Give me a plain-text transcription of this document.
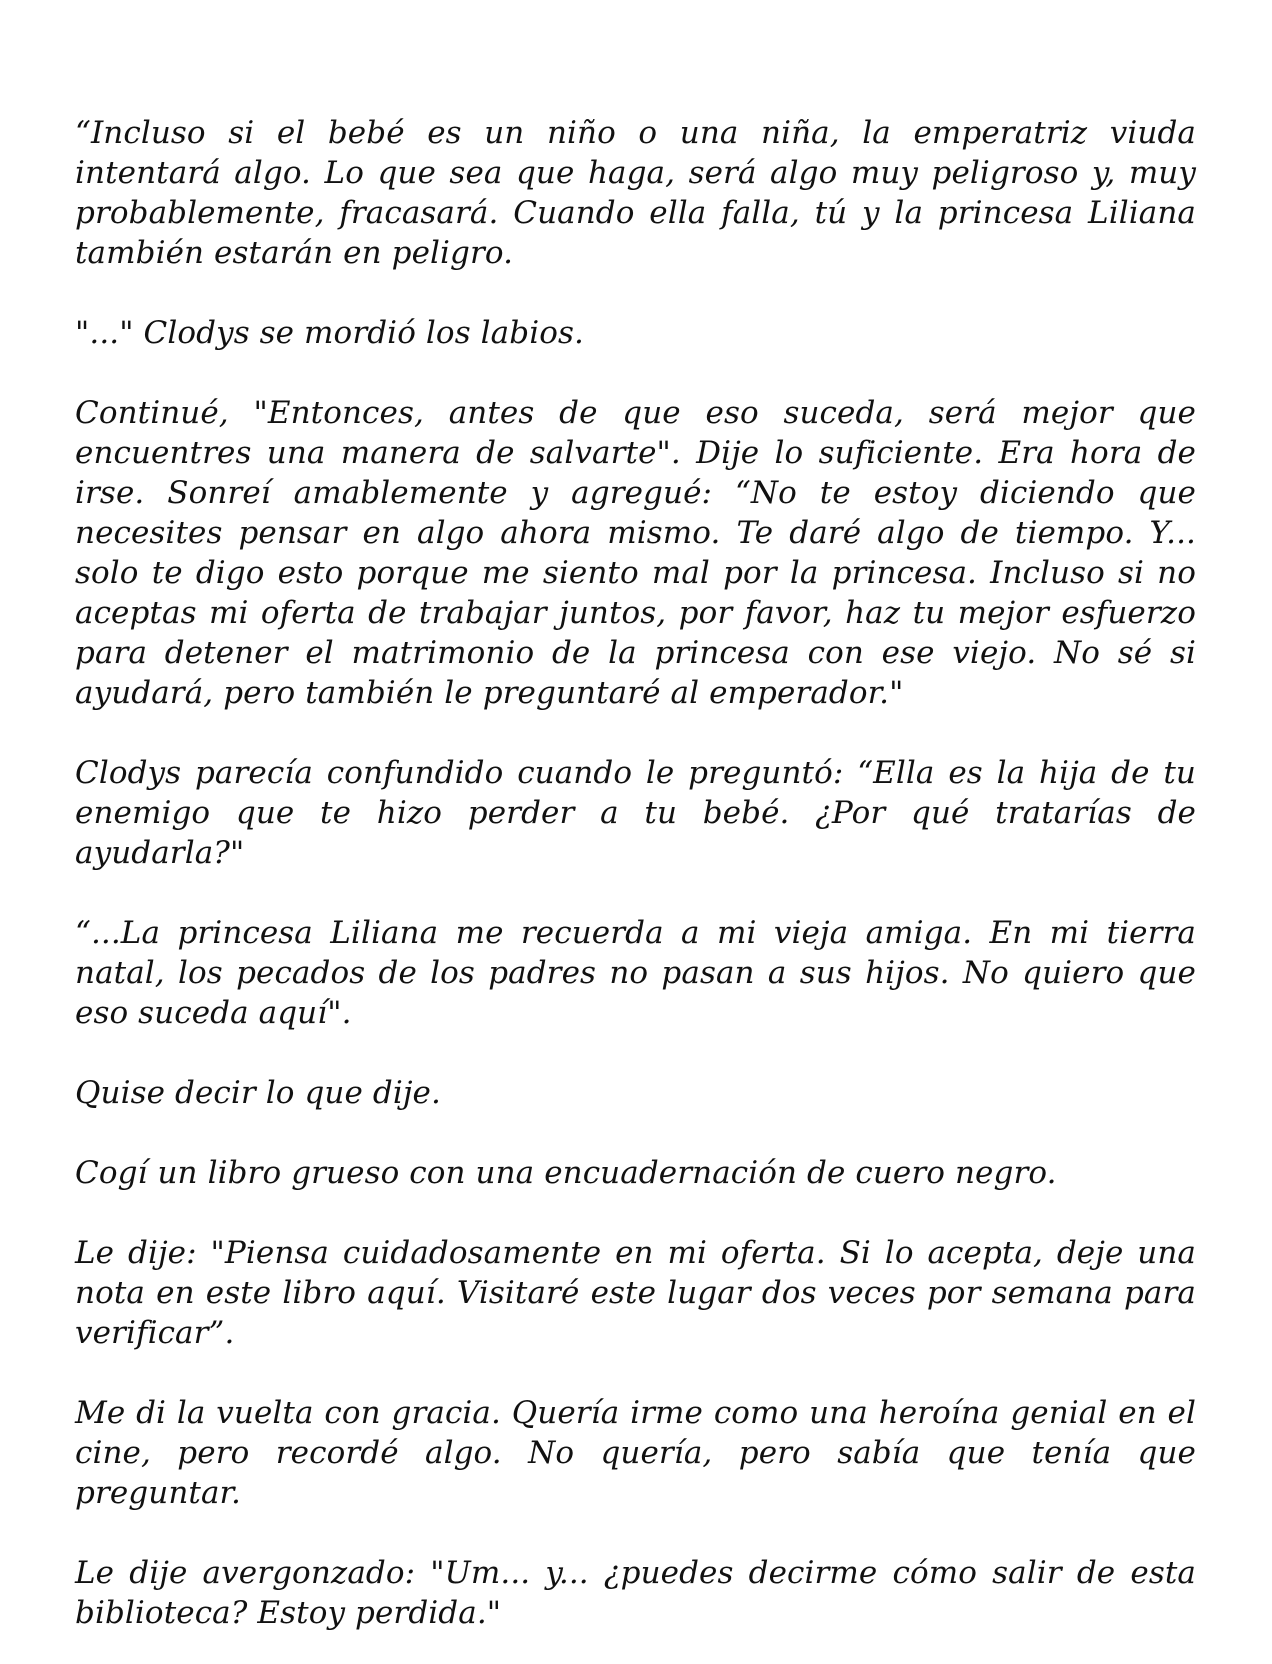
“Incluso si el bebé es un niño o una niña, la emperatriz viuda intentará algo. Lo que sea que haga, será algo muy peligroso y, muy probablemente, fracasará. Cuando ella falla, tú y la princesa Liliana también estarán en peligro.

"..." Clodys se mordió los labios.

Continué, "Entonces, antes de que eso suceda, será mejor que encuentres una manera de salvarte". Dije lo suficiente. Era hora de irse. Sonreí amablemente y agregué: “No te estoy diciendo que necesites pensar en algo ahora mismo. Te daré algo de tiempo. Y... solo te digo esto porque me siento mal por la princesa. Incluso si no aceptas mi oferta de trabajar juntos, por favor, haz tu mejor esfuerzo para detener el matrimonio de la princesa con ese viejo. No sé si ayudará, pero también le preguntaré al emperador."

Clodys parecía confundido cuando le preguntó: “Ella es la hija de tu enemigo que te hizo perder a tu bebé. ¿Por qué tratarías de ayudarla?"

“...La princesa Liliana me recuerda a mi vieja amiga. En mi tierra natal, los pecados de los padres no pasan a sus hijos. No quiero que eso suceda aquí".

Quise decir lo que dije.

Cogí un libro grueso con una encuadernación de cuero negro.

Le dije: "Piensa cuidadosamente en mi oferta. Si lo acepta, deje una nota en este libro aquí. Visitaré este lugar dos veces por semana para verificar”.

Me di la vuelta con gracia. Quería irme como una heroína genial en el cine, pero recordé algo. No quería, pero sabía que tenía que preguntar.

Le dije avergonzado: "Um... y... ¿puedes decirme cómo salir de esta biblioteca? Estoy perdida."
